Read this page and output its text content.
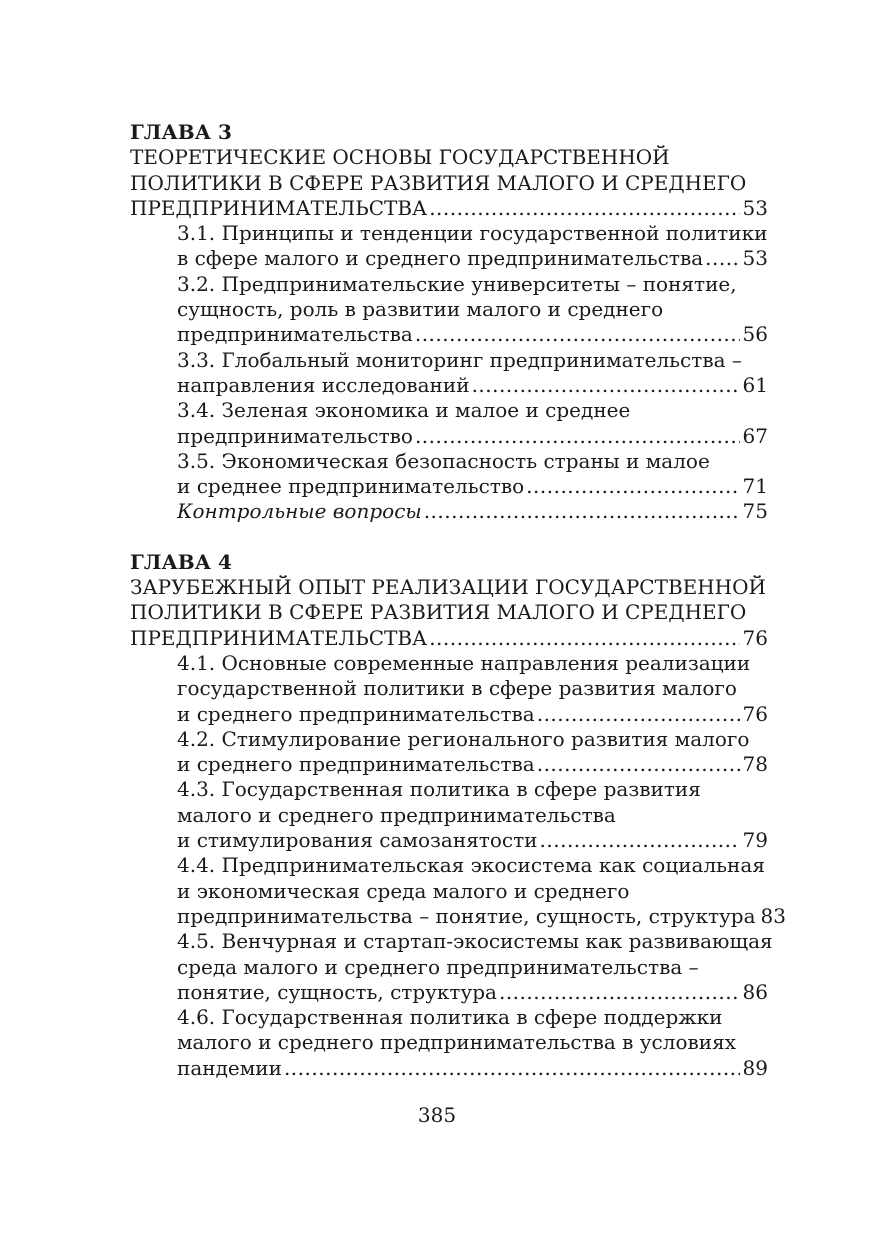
ГЛАВА 3
ТЕОРЕТИЧЕСКИЕ ОСНОВЫ ГОСУДАРСТВЕННОЙ
ПОЛИТИКИ В СФЕРЕ РАЗВИТИЯ МАЛОГО И СРЕДНЕГО
ПРЕДПРИНИМАТЕЛЬСТВА .....	53
3.1. Принципы и тенденции государственной политики
в сфере малого и среднего предпринимательства ..... 53
3.2. Предпринимательские университеты – понятие,
сущность, роль в развитии малого и среднего
предпринимательства .....	56
3.3. Глобальный мониторинг предпринимательства –
направления исследований .....	61
3.4. Зеленая экономика и малое и среднее
предпринимательство .....	67
3.5. Экономическая безопасность страны и малое
и среднее предпринимательство .....	71
Контрольные вопросы .....	75
ГЛАВА 4
ЗАРУБЕЖНЫЙ ОПЫТ РЕАЛИЗАЦИИ ГОСУДАРСТВЕННОЙ
ПОЛИТИКИ В СФЕРЕ РАЗВИТИЯ МАЛОГО И СРЕДНЕГО
ПРЕДПРИНИМАТЕЛЬСТВА .....	76
4.1. Основные современные направления реализации
государственной политики в сфере развития малого
и среднего предпринимательства .....	76
4.2. Стимулирование регионального развития малого
и среднего предпринимательства .....	78
4.3. Государственная политика в сфере развития
малого и среднего предпринимательства
и стимулирования самозанятости .....	79
4.4. Предпринимательская экосистема как социальная
и экономическая среда малого и среднего
предпринимательства – понятие, сущность, структура 83
4.5. Венчурная и стартап-экосистемы как развивающая
среда малого и среднего предпринимательства –
понятие, сущность, структура .....	86
4.6. Государственная политика в сфере поддержки
малого и среднего предпринимательства в условиях
пандемии .....	89
385
